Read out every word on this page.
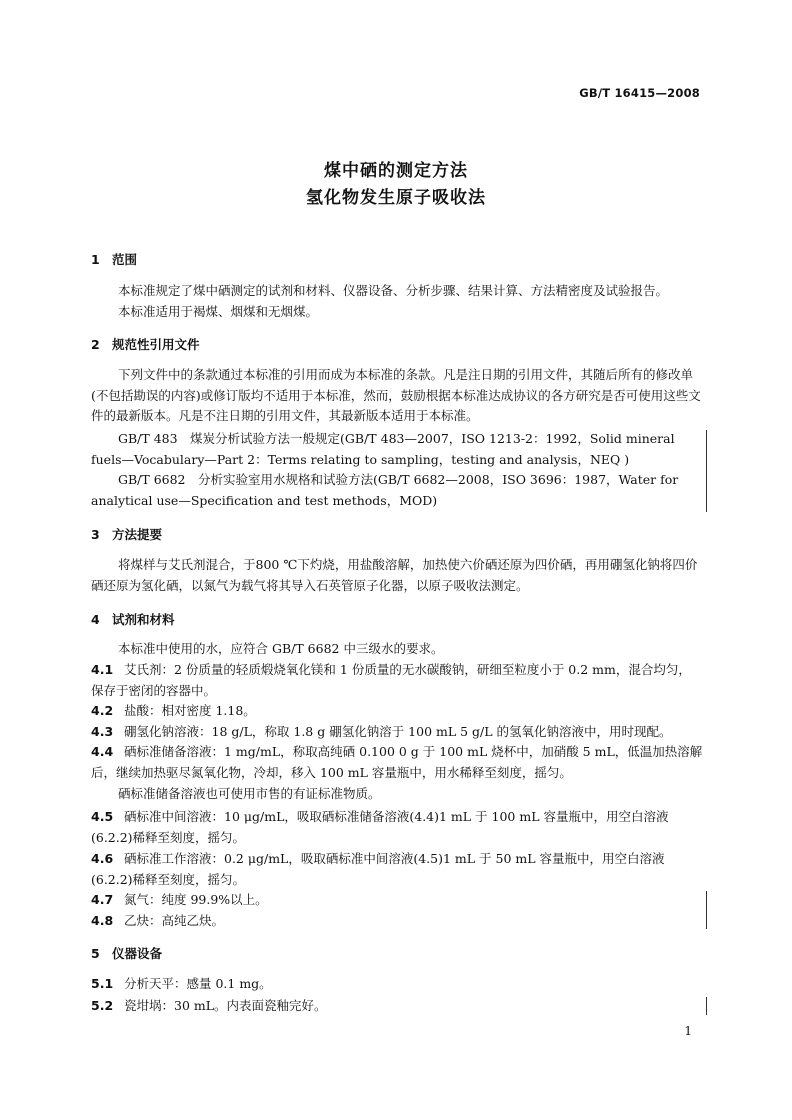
GB/T 16415—2008
煤中硒的测定方法
氢化物发生原子吸收法
1 范围
本标准规定了煤中硒测定的试剂和材料、仪器设备、分析步骤、结果计算、方法精密度及试验报告。
本标准适用于褐煤、烟煤和无烟煤。
2 规范性引用文件
下列文件中的条款通过本标准的引用而成为本标准的条款。凡是注日期的引用文件，其随后所有的修改单(不包括勘误的内容)或修订版均不适用于本标准，然而，鼓励根据本标准达成协议的各方研究是否可使用这些文件的最新版本。凡是不注日期的引用文件，其最新版本适用于本标准。
GB/T 483　煤炭分析试验方法一般规定(GB/T 483—2007，ISO 1213-2：1992，Solid mineral fuels—Vocabulary—Part 2：Terms relating to sampling，testing and analysis，NEQ )
GB/T 6682　分析实验室用水规格和试验方法(GB/T 6682—2008，ISO 3696：1987，Water for analytical use—Specification and test methods，MOD)
3 方法提要
将煤样与艾氏剂混合，于800 ℃下灼烧，用盐酸溶解，加热使六价硒还原为四价硒，再用硼氢化钠将四价硒还原为氢化硒，以氮气为载气将其导入石英管原子化器，以原子吸收法测定。
4 试剂和材料
本标准中使用的水，应符合 GB/T 6682 中三级水的要求。
4.1 艾氏剂：2 份质量的轻质煅烧氧化镁和 1 份质量的无水碳酸钠，研细至粒度小于 0.2 mm，混合均匀，保存于密闭的容器中。
4.2 盐酸：相对密度 1.18。
4.3 硼氢化钠溶液：18 g/L，称取 1.8 g 硼氢化钠溶于 100 mL 5 g/L 的氢氧化钠溶液中，用时现配。
4.4 硒标准储备溶液：1 mg/mL，称取高纯硒 0.100 0 g 于 100 mL 烧杯中，加硝酸 5 mL，低温加热溶解后，继续加热驱尽氮氧化物，冷却，移入 100 mL 容量瓶中，用水稀释至刻度，摇匀。
硒标准储备溶液也可使用市售的有证标准物质。
4.5 硒标准中间溶液：10 μg/mL，吸取硒标准储备溶液(4.4)1 mL 于 100 mL 容量瓶中，用空白溶液(6.2.2)稀释至刻度，摇匀。
4.6 硒标准工作溶液：0.2 μg/mL，吸取硒标准中间溶液(4.5)1 mL 于 50 mL 容量瓶中，用空白溶液(6.2.2)稀释至刻度，摇匀。
4.7 氮气：纯度 99.9%以上。
4.8 乙炔：高纯乙炔。
5 仪器设备
5.1 分析天平：感量 0.1 mg。
5.2 瓷坩埚：30 mL。内表面瓷釉完好。
1
